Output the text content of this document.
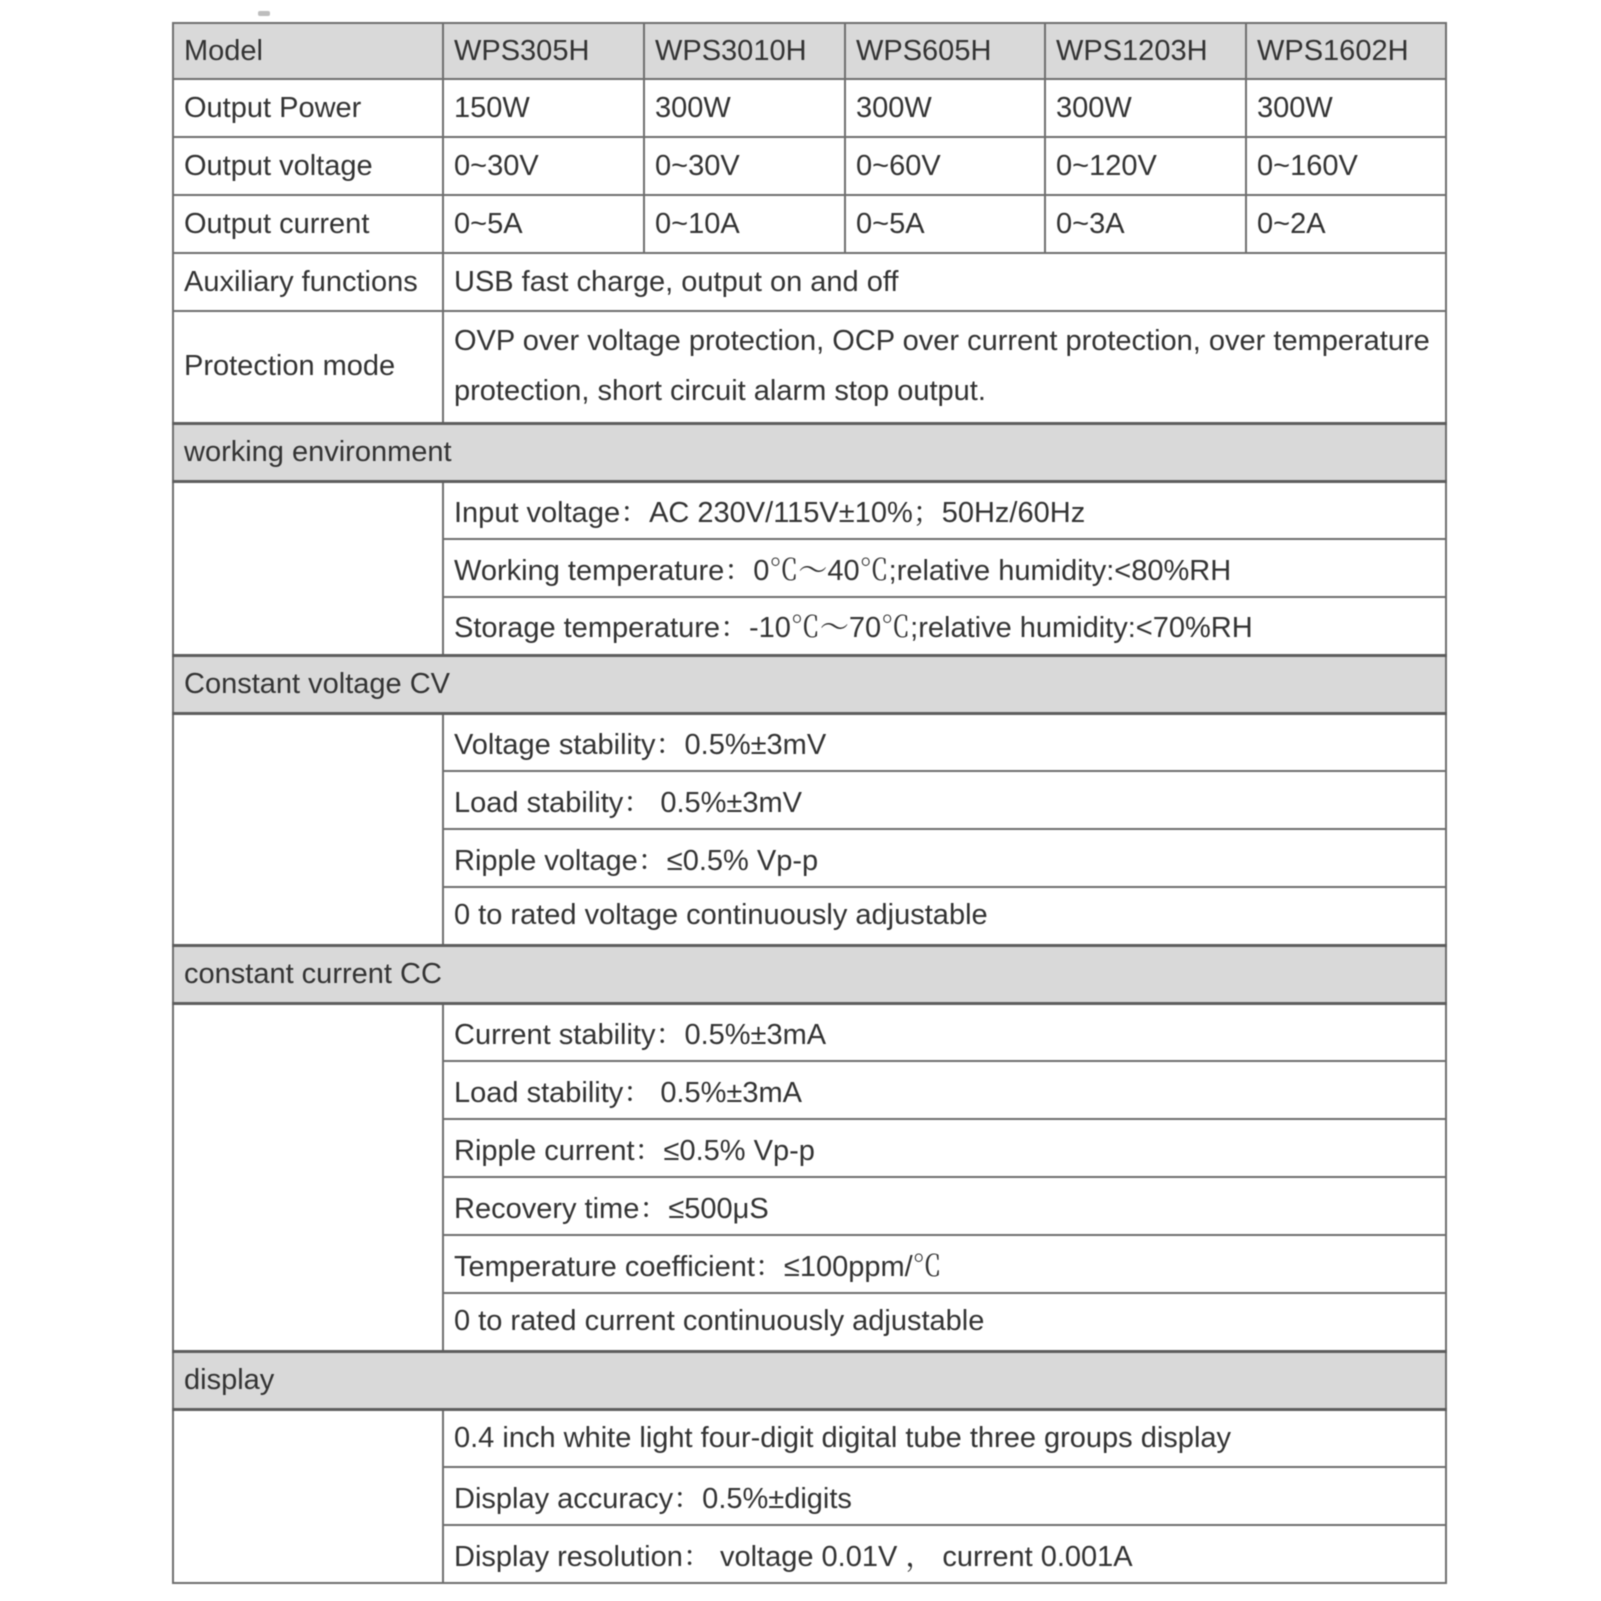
Model	WPS305H	WPS3010H	WPS605H	WPS1203H	WPS1602H
Output Power	150W	300W	300W	300W	300W
Output voltage	0~30V	0~30V	0~60V	0~120V	0~160V
Output current	0~5A	0~10A	0~5A	0~3A	0~2A
Auxiliary functions	USB fast charge, output on and off				
Protection mode	OVP over voltage protection, OCP over current protection, over temperature protection, short circuit alarm stop output.				
working environment					
	Input voltage：AC 230V/115V±10%；50Hz/60Hz				
	Working temperature：0℃～40℃;relative humidity:<80%RH				
	Storage temperature：-10℃～70℃;relative humidity:<70%RH				
Constant voltage CV					
	Voltage stability：0.5%±3mV				
	Load stability： 0.5%±3mV				
	Ripple voltage：≤0.5% Vp-p				
	0 to rated voltage continuously adjustable				
constant current CC					
	Current stability：0.5%±3mA				
	Load stability： 0.5%±3mA				
	Ripple current：≤0.5% Vp-p				
	Recovery time：≤500μS				
	Temperature coefficient：≤100ppm/℃				
	0 to rated current continuously adjustable				
display					
	0.4 inch white light four-digit digital tube three groups display				
	Display accuracy：0.5%±digits				
	Display resolution： voltage 0.01V ， current 0.001A				
